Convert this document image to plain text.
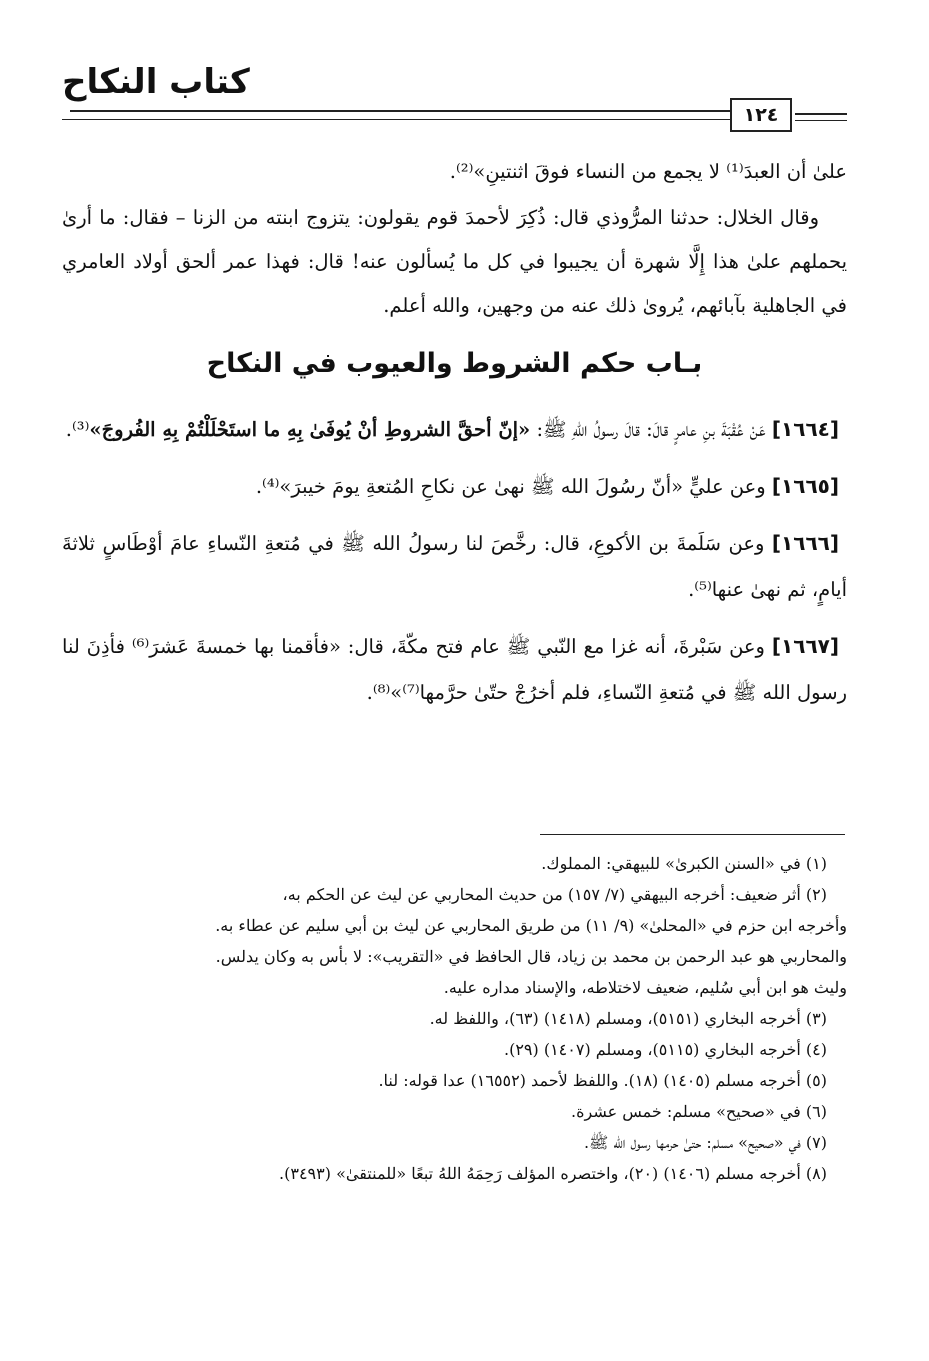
كتاب النكاح
١٢٤

علىٰ أن العبدَ⁽¹⁾ لا يجمع من النساء فوقَ اثنتينِ»⁽²⁾.

وقال الخلال: حدثنا المرُّوذي قال: ذُكِرَ لأحمدَ قوم يقولون: يتزوج ابنته من الزنا – فقال: ما أرىٰ يحملهم علىٰ هذا إِلَّا شهرة أن يجيبوا في كل ما يُسألون عنه! قال: فهذا عمر ألحق أولاد العامري في الجاهلية بآبائهم، يُروىٰ ذلك عنه من وجهين، والله أعلم.

بـاب حكم الشروط والعيوب في النكاح

[١٦٦٤] عَنْ عُقْبَةَ بنِ عامرٍ قالَ: قالَ رسولُ اللهِ ﷺ: «إنّ أحقَّ الشروطِ أنْ يُوفَىٰ بِهِ ما استَحْلَلْتُمْ بِهِ الفُروجَ»⁽³⁾.

[١٦٦٥] وعن عليٍّ «أنّ رسُولَ الله ﷺ نهىٰ عن نكاحِ المُتعةِ يومَ خيبرَ»⁽⁴⁾.

[١٦٦٦] وعن سَلَمةَ بن الأكوعِ، قال: رخَّصَ لنا رسولُ الله ﷺ في مُتعةِ النّساءِ عامَ أوْطَاسٍ ثلاثةَ أيامٍ، ثم نهىٰ عنها⁽⁵⁾.

[١٦٦٧] وعن سَبْرةَ، أنه غزا مع النّبي ﷺ عام فتح مكّةَ، قال: «فأقمنا بها خمسةَ عَشرَ⁽⁶⁾ فأذِنَ لنا رسول الله ﷺ في مُتعةِ النّساءِ، فلم أخرُجْ حتّىٰ حرَّمها⁽⁷⁾»⁽⁸⁾.

(١) في «السنن الكبرىٰ» للبيهقي: المملوك.

(٢) أثر ضعيف: أخرجه البيهقي (٧/ ١٥٧) من حديث المحاربي عن ليث عن الحكم به،

وأخرجه ابن حزم في «المحلىٰ» (٩/ ١١) من طريق المحاربي عن ليث بن أبي سليم عن عطاء به.

والمحاربي هو عبد الرحمن بن محمد بن زياد، قال الحافظ في «التقريب»: لا بأس به وكان يدلس.

وليث هو ابن أبي سُليم، ضعيف لاختلاطه، والإسناد مداره عليه.

(٣) أخرجه البخاري (٥١٥١)، ومسلم (١٤١٨) (٦٣)، واللفظ له.

(٤) أخرجه البخاري (٥١١٥)، ومسلم (١٤٠٧) (٢٩).

(٥) أخرجه مسلم (١٤٠٥) (١٨). واللفظ لأحمد (١٦٥٥٢) عدا قوله: لنا.

(٦) في «صحيح» مسلم: خمس عشرة.

(٧) في «صحيح» مسلم: حتىٰ حرمها رسول الله ﷺ.

(٨) أخرجه مسلم (١٤٠٦) (٢٠)، واختصره المؤلف رَحِمَهُ اللهُ تبعًا «للمنتقىٰ» (٣٤٩٣).
